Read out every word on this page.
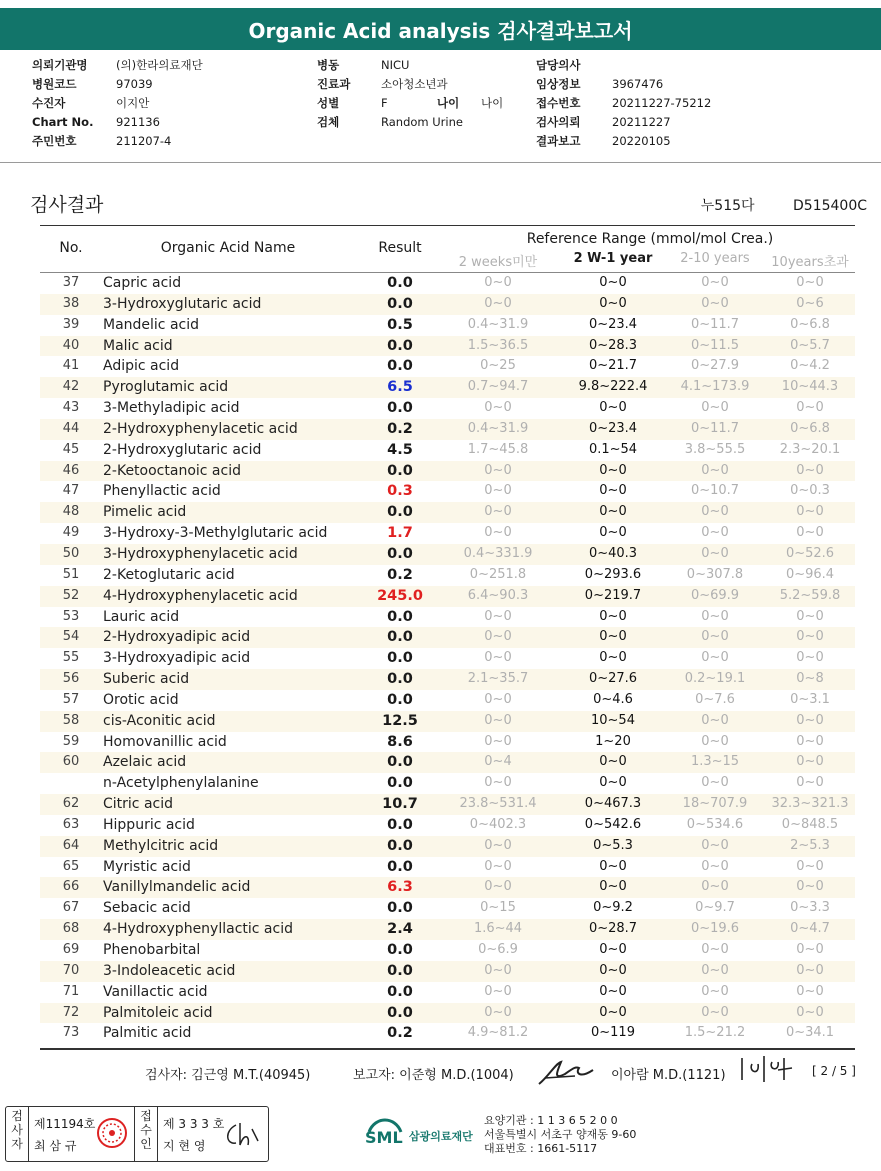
Organic Acid analysis 검사결과보고서
의뢰기관명	(의)한라의료재단
병원코드	97039
수진자	이지안
Chart No.	921136
주민번호	211207-4
병동	NICU
진료과	소아청소년과
성별	F
검체	Random Urine
담당의사
임상정보	3967476
접수번호	20211227-75212
검사의뢰	20211227
결과보고	20220105
나이	나이
검사결과	누515다	D515400C
No.	Organic Acid Name	Result
Reference Range (mmol/mol Crea.)
2 weeks미만	2 W-1 year	2-10 years	10years초과
37	Capric acid	0.0	0~0	0~0	0~0	0~0
38	3-Hydroxyglutaric acid	0.0	0~0	0~0	0~0	0~6
39	Mandelic acid	0.5	0.4~31.9	0~23.4	0~11.7	0~6.8
40	Malic acid	0.0	1.5~36.5	0~28.3	0~11.5	0~5.7
41	Adipic acid	0.0	0~25	0~21.7	0~27.9	0~4.2
42	Pyroglutamic acid	6.5	0.7~94.7	9.8~222.4	4.1~173.9	10~44.3
43	3-Methyladipic acid	0.0	0~0	0~0	0~0	0~0
44	2-Hydroxyphenylacetic acid	0.2	0.4~31.9	0~23.4	0~11.7	0~6.8
45	2-Hydroxyglutaric acid	4.5	1.7~45.8	0.1~54	3.8~55.5	2.3~20.1
46	2-Ketooctanoic acid	0.0	0~0	0~0	0~0	0~0
47	Phenyllactic acid	0.3	0~0	0~0	0~10.7	0~0.3
48	Pimelic acid	0.0	0~0	0~0	0~0	0~0
49	3-Hydroxy-3-Methylglutaric acid	1.7	0~0	0~0	0~0	0~0
50	3-Hydroxyphenylacetic acid	0.0	0.4~331.9	0~40.3	0~0	0~52.6
51	2-Ketoglutaric acid	0.2	0~251.8	0~293.6	0~307.8	0~96.4
52	4-Hydroxyphenylacetic acid	245.0	6.4~90.3	0~219.7	0~69.9	5.2~59.8
53	Lauric acid	0.0	0~0	0~0	0~0	0~0
54	2-Hydroxyadipic acid	0.0	0~0	0~0	0~0	0~0
55	3-Hydroxyadipic acid	0.0	0~0	0~0	0~0	0~0
56	Suberic acid	0.0	2.1~35.7	0~27.6	0.2~19.1	0~8
57	Orotic acid	0.0	0~0	0~4.6	0~7.6	0~3.1
58	cis-Aconitic acid	12.5	0~0	10~54	0~0	0~0
59	Homovanillic acid	8.6	0~0	1~20	0~0	0~0
60	Azelaic acid	0.0	0~4	0~0	1.3~15	0~0
n-Acetylphenylalanine	0.0	0~0	0~0	0~0	0~0
62	Citric acid	10.7	23.8~531.4	0~467.3	18~707.9	32.3~321.3
63	Hippuric acid	0.0	0~402.3	0~542.6	0~534.6	0~848.5
64	Methylcitric acid	0.0	0~0	0~5.3	0~0	2~5.3
65	Myristic acid	0.0	0~0	0~0	0~0	0~0
66	Vanillylmandelic acid	6.3	0~0	0~0	0~0	0~0
67	Sebacic acid	0.0	0~15	0~9.2	0~9.7	0~3.3
68	4-Hydroxyphenyllactic acid	2.4	1.6~44	0~28.7	0~19.6	0~4.7
69	Phenobarbital	0.0	0~6.9	0~0	0~0	0~0
70	3-Indoleacetic acid	0.0	0~0	0~0	0~0	0~0
71	Vanillactic acid	0.0	0~0	0~0	0~0	0~0
72	Palmitoleic acid	0.0	0~0	0~0	0~0	0~0
73	Palmitic acid	0.2	4.9~81.2	0~119	1.5~21.2	0~34.1
검사자: 김근영 M.T.(40945)	보고자: 이준형 M.D.(1004)	이아람 M.D.(1121)	[ 2 / 5 ]
검사자
제11194호
최 삼 규
접수인
제 3 3 3 호
지 현 영	SML 삼광의료재단
요양기관 : 1 1 3 6 5 2 0 0
서울특별시 서초구 양재동 9-60
대표번호 : 1661-5117
